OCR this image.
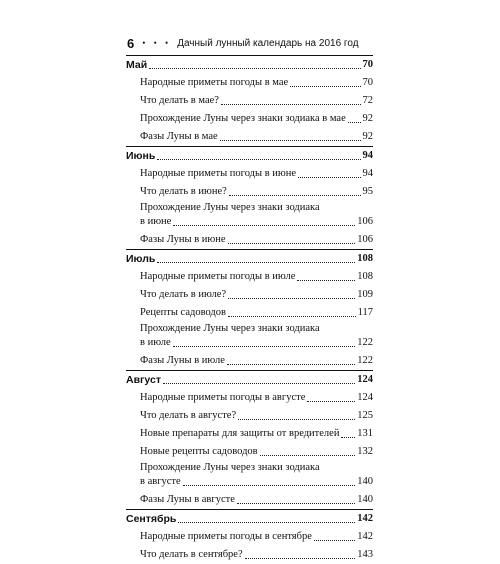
6 • • • Дачный лунный календарь на 2016 год
Май	70
Народные приметы погоды в мае	70
Что делать в мае?	72
Прохождение Луны через знаки зодиака в мае 92
Фазы Луны в мае	92
Июнь	94
Народные приметы погоды в июне	94
Что делать в июне?	95
Прохождение Луны через знаки зодиака
в июне	106
Фазы Луны в июне	106
Июль	108
Народные приметы погоды в июле	108
Что делать в июле?	109
Рецепты садоводов	117
Прохождение Луны через знаки зодиака
в июле	122
Фазы Луны в июле	122
Август	124
Народные приметы погоды в августе	124
Что делать в августе?	125
Новые препараты для защиты от вредителей 131
Новые рецепты садоводов	132
Прохождение Луны через знаки зодиака
в августе	140
Фазы Луны в августе	140
Сентябрь	142
Народные приметы погоды в сентябре	142
Что делать в сентябре?	143
